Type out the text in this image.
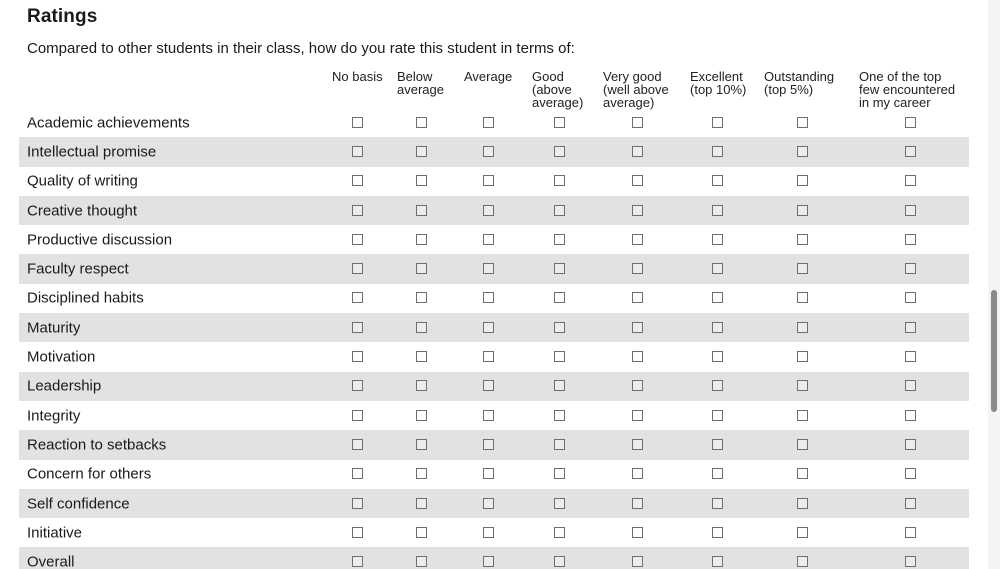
Ratings

Compared to other students in their class, how do you rate this student in terms of:

No basis Below
average
Average Good
(above
average)
Very good
(well above
average)
Excellent
(top 10%)
Outstanding
(top 5%)
One of the top
few encountered
in my career
Academic achievements
Intellectual promise
Quality of writing
Creative thought
Productive discussion
Faculty respect
Disciplined habits
Maturity
Motivation
Leadership
Integrity
Reaction to setbacks
Concern for others
Self confidence
Initiative
Overall
